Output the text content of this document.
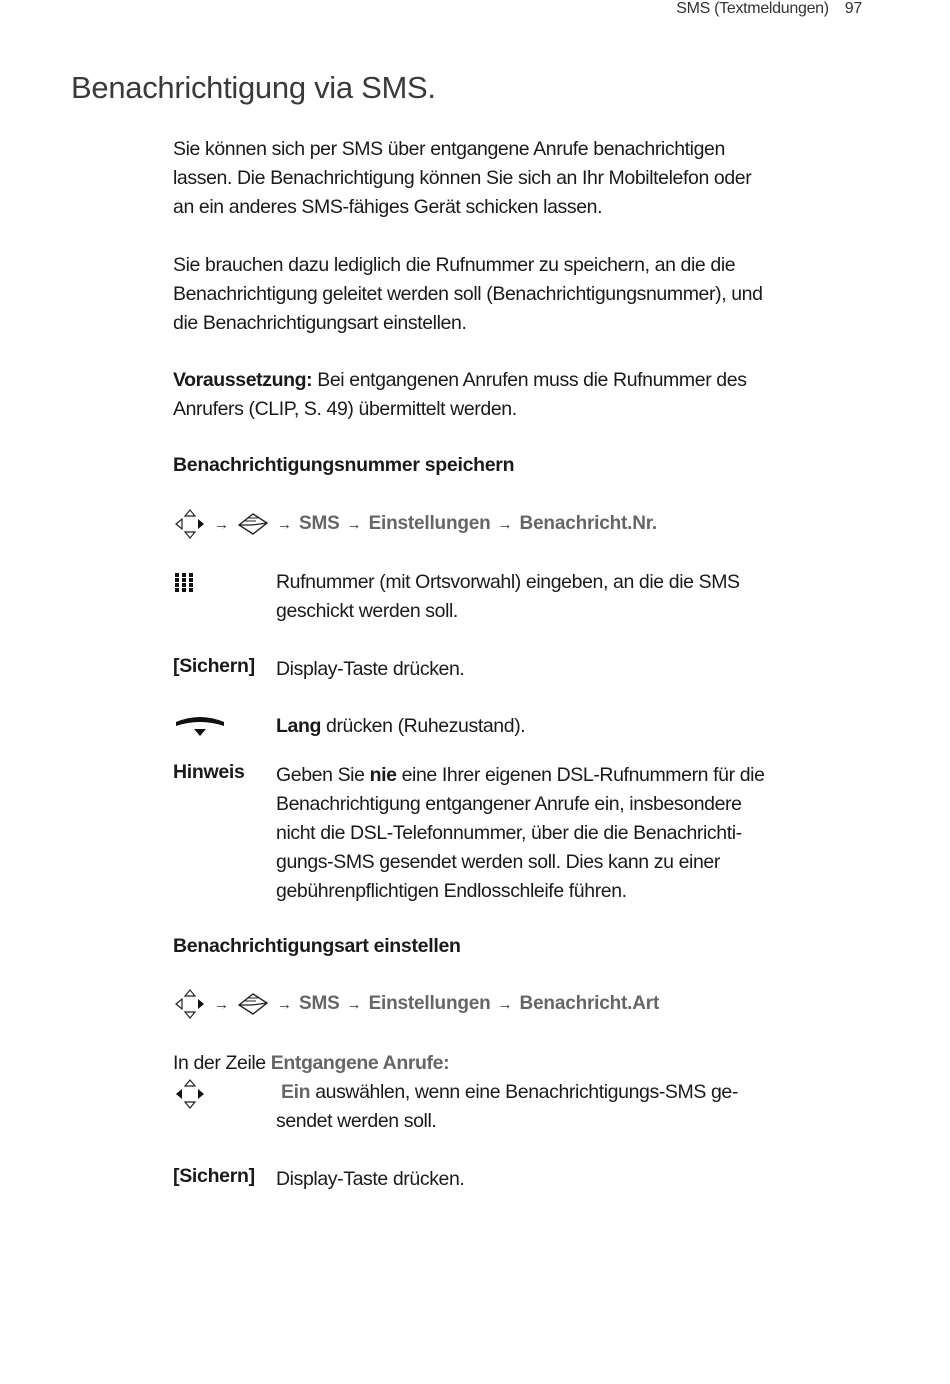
SMS (Textmeldungen) 97
Benachrichtigung via SMS.
Sie können sich per SMS über entgangene Anrufe benachrichtigen lassen. Die Benachrichtigung können Sie sich an Ihr Mobiltelefon oder an ein anderes SMS-fähiges Gerät schicken lassen.
Sie brauchen dazu lediglich die Rufnummer zu speichern, an die die Benachrichtigung geleitet werden soll (Benachrichtigungsnummer), und die Benachrichtigungsart einstellen.
Voraussetzung: Bei entgangenen Anrufen muss die Rufnummer des Anrufers (CLIP, S. 49) übermittelt werden.
Benachrichtigungsnummer speichern
→	→ SMS → Einstellungen → Benachricht.Nr.
Rufnummer (mit Ortsvorwahl) eingeben, an die die SMS geschickt werden soll.
[Sichern] Display-Taste drücken.
Lang drücken (Ruhezustand).
Hinweis Geben Sie nie eine Ihrer eigenen DSL-Rufnummern für die Benachrichtigung entgangener Anrufe ein, insbesondere nicht die DSL-Telefonnummer, über die die Benachrichti-gungs-SMS gesendet werden soll. Dies kann zu einer gebührenpflichtigen Endlosschleife führen.
Benachrichtigungsart einstellen
→	→ SMS → Einstellungen → Benachricht.Art
In der Zeile Entgangene Anrufe:
Ein auswählen, wenn eine Benachrichtigungs-SMS ge-sendet werden soll.
[Sichern] Display-Taste drücken.
